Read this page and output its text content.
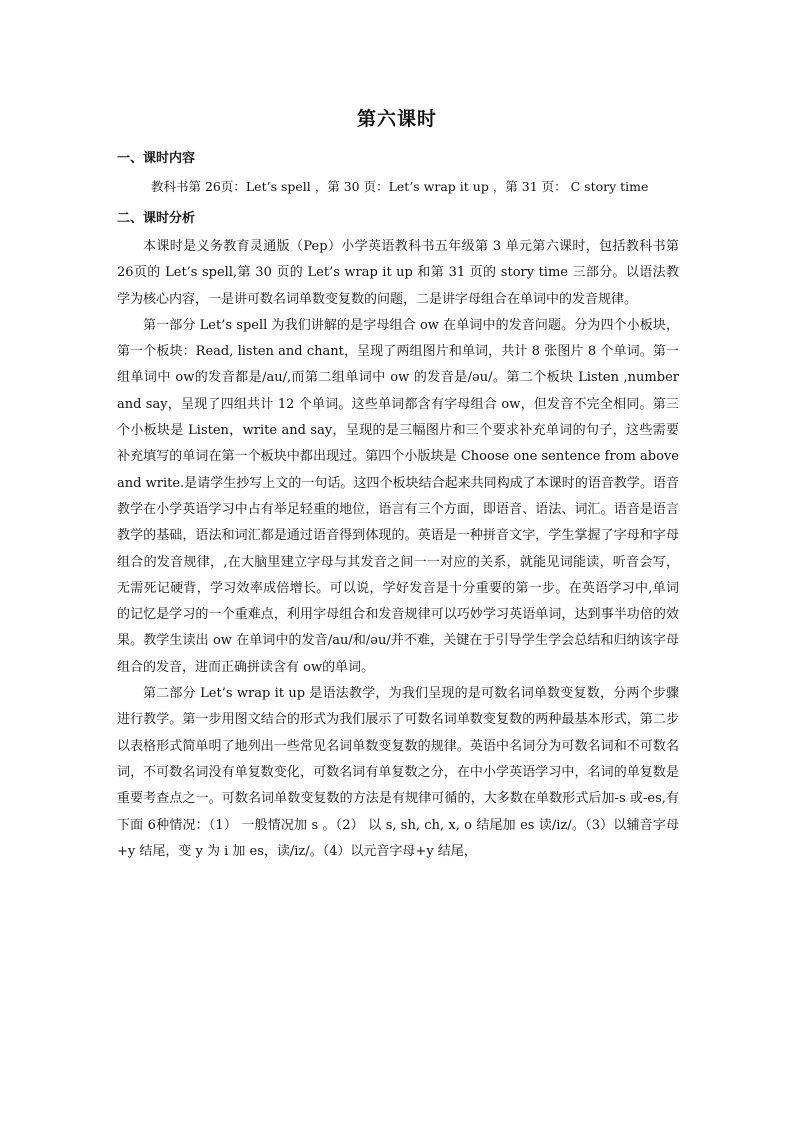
第六课时
一、课时内容
教科书第 26页：Let’s spell ，第 30 页：Let’s wrap it up ，第 31 页： C story time
二、课时分析

本课时是义务教育灵通版（Pep）小学英语教科书五年级第 3 单元第六课时，包括教科书第 26页的 Let’s spell,第 30 页的 Let’s wrap it up 和第 31 页的 story time 三部分。以语法教学为核心内容，一是讲可数名词单数变复数的问题，二是讲字母组合在单词中的发音规律。

第一部分 Let’s spell 为我们讲解的是字母组合 ow 在单词中的发音问题。分为四个小板块，第一个板块：Read, listen and chant，呈现了两组图片和单词，共计 8 张图片 8 个单词。第一组单词中 ow的发音都是/au/,而第二组单词中 ow 的发音是/əu/。第二个板块 Listen ,number and say，呈现了四组共计 12 个单词。这些单词都含有字母组合 ow，但发音不完全相同。第三个小板块是 Listen，write and say，呈现的是三幅图片和三个要求补充单词的句子，这些需要补充填写的单词在第一个板块中都出现过。第四个小版块是 Choose one sentence from above and write.是请学生抄写上文的一句话。这四个板块结合起来共同构成了本课时的语音教学。语音教学在小学英语学习中占有举足轻重的地位，语言有三个方面，即语音、语法、词汇。语音是语言教学的基础，语法和词汇都是通过语音得到体现的。英语是一种拼音文字，学生掌握了字母和字母组合的发音规律，,在大脑里建立字母与其发音之间一一对应的关系，就能见词能读，听音会写，无需死记硬背，学习效率成倍增长。可以说，学好发音是十分重要的第一步。在英语学习中,单词的记忆是学习的一个重难点，利用字母组合和发音规律可以巧妙学习英语单词，达到事半功倍的效果。教学生读出 ow 在单词中的发音/au/和/əu/并不难，关键在于引导学生学会总结和归纳该字母组合的发音，进而正确拼读含有 ow的单词。

第二部分 Let’s wrap it up 是语法教学，为我们呈现的是可数名词单数变复数，分两个步骤进行教学。第一步用图文结合的形式为我们展示了可数名词单数变复数的两种最基本形式，第二步以表格形式简单明了地列出一些常见名词单数变复数的规律。英语中名词分为可数名词和不可数名词，不可数名词没有单复数变化，可数名词有单复数之分，在中小学英语学习中，名词的单复数是重要考查点之一。可数名词单数变复数的方法是有规律可循的，大多数在单数形式后加-s 或-es,有下面 6种情况：（1） 一般情况加 s 。（2） 以 s, sh, ch, x, o 结尾加 es 读/iz/。（3）以辅音字母+y 结尾，变 y 为 i 加 es，读/iz/。（4）以元音字母+y 结尾，
